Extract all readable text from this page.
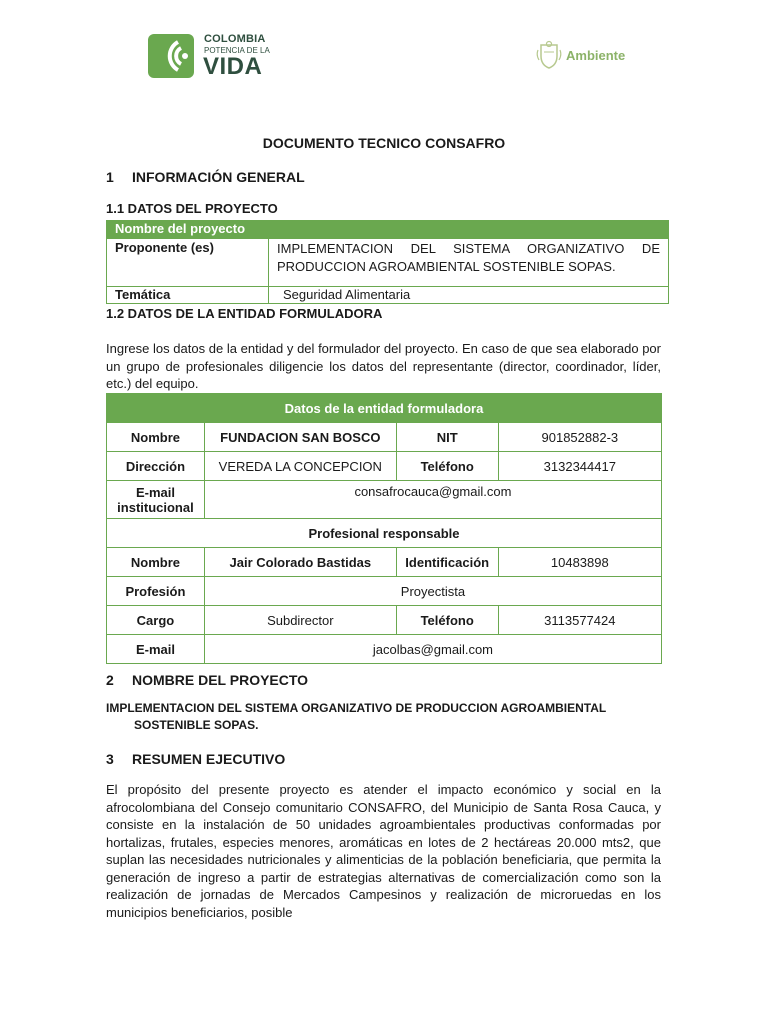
COLOMBIA
POTENCIA DE LA
VIDA	Ambiente
DOCUMENTO TECNICO CONSAFRO
1 INFORMACIÓN GENERAL
1.1 DATOS DEL PROYECTO
Nombre del proyecto	
Proponente (es)	IMPLEMENTACION DEL SISTEMA ORGANIZATIVO DE PRODUCCION AGROAMBIENTAL SOSTENIBLE SOPAS.
Temática	Seguridad Alimentaria
1.2 DATOS DE LA ENTIDAD FORMULADORA

Ingrese los datos de la entidad y del formulador del proyecto. En caso de que sea elaborado por un grupo de profesionales diligencie los datos del representante (director, coordinador, líder, etc.) del equipo.

Datos de la entidad formuladora			
Nombre	FUNDACION SAN BOSCO	NIT	901852882-3
Dirección	VEREDA LA CONCEPCION	Teléfono	3132344417
E-mail institucional	consafrocauca@gmail.com		
Profesional responsable			
Nombre	Jair Colorado Bastidas	Identificación	10483898
Profesión	Proyectista		
Cargo	Subdirector	Teléfono	3113577424
E-mail	jacolbas@gmail.com		
2 NOMBRE DEL PROYECTO
IMPLEMENTACION DEL SISTEMA ORGANIZATIVO DE PRODUCCION AGROAMBIENTAL
SOSTENIBLE SOPAS.
3 RESUMEN EJECUTIVO

El propósito del presente proyecto es atender el impacto económico y social en la afrocolombiana del Consejo comunitario CONSAFRO, del Municipio de Santa Rosa Cauca, y consiste en la instalación de 50 unidades agroambientales productivas conformadas por hortalizas, frutales, especies menores, aromáticas en lotes de 2 hectáreas 20.000 mts2, que suplan las necesidades nutricionales y alimenticias de la población beneficiaria, que permita la generación de ingreso a partir de estrategias alternativas de comercialización como son la realización de jornadas de Mercados Campesinos y realización de microruedas en los municipios beneficiarios, posible
